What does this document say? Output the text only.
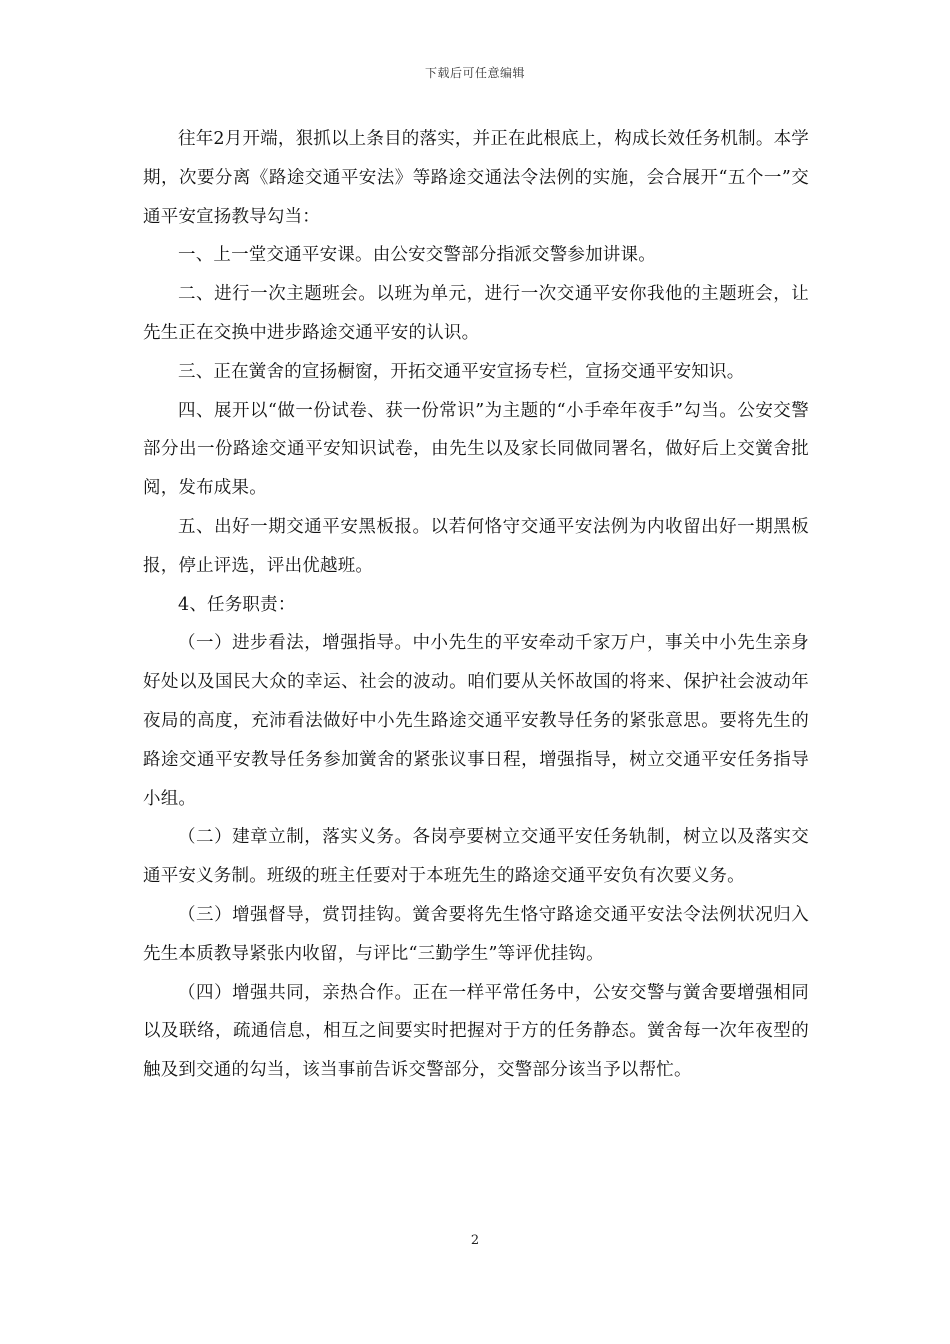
下载后可任意编辑

往年2月开端，狠抓以上条目的落实，并正在此根底上，构成长效任务机制。本学期，次要分离《路途交通平安法》等路途交通法令法例的实施，会合展开“五个一”交通平安宣扬教导勾当：

一、上一堂交通平安课。由公安交警部分指派交警参加讲课。

二、进行一次主题班会。以班为单元，进行一次交通平安你我他的主题班会，让先生正在交换中进步路途交通平安的认识。

三、正在黉舍的宣扬橱窗，开拓交通平安宣扬专栏，宣扬交通平安知识。

四、展开以“做一份试卷、获一份常识”为主题的“小手牵年夜手”勾当。公安交警部分出一份路途交通平安知识试卷，由先生以及家长同做同署名，做好后上交黉舍批阅，发布成果。

五、出好一期交通平安黑板报。以若何恪守交通平安法例为内收留出好一期黑板报，停止评选，评出优越班。

4、任务职责：

（一）进步看法，增强指导。中小先生的平安牵动千家万户，事关中小先生亲身好处以及国民大众的幸运、社会的波动。咱们要从关怀故国的将来、保护社会波动年夜局的高度，充沛看法做好中小先生路途交通平安教导任务的紧张意思。要将先生的路途交通平安教导任务参加黉舍的紧张议事日程，增强指导，树立交通平安任务指导小组。

（二）建章立制，落实义务。各岗亭要树立交通平安任务轨制，树立以及落实交通平安义务制。班级的班主任要对于本班先生的路途交通平安负有次要义务。

（三）增强督导，赏罚挂钩。黉舍要将先生恪守路途交通平安法令法例状况归入先生本质教导紧张内收留，与评比“三勤学生”等评优挂钩。

（四）增强共同，亲热合作。正在一样平常任务中，公安交警与黉舍要增强相同以及联络，疏通信息，相互之间要实时把握对于方的任务静态。黉舍每一次年夜型的触及到交通的勾当，该当事前告诉交警部分，交警部分该当予以帮忙。

2
